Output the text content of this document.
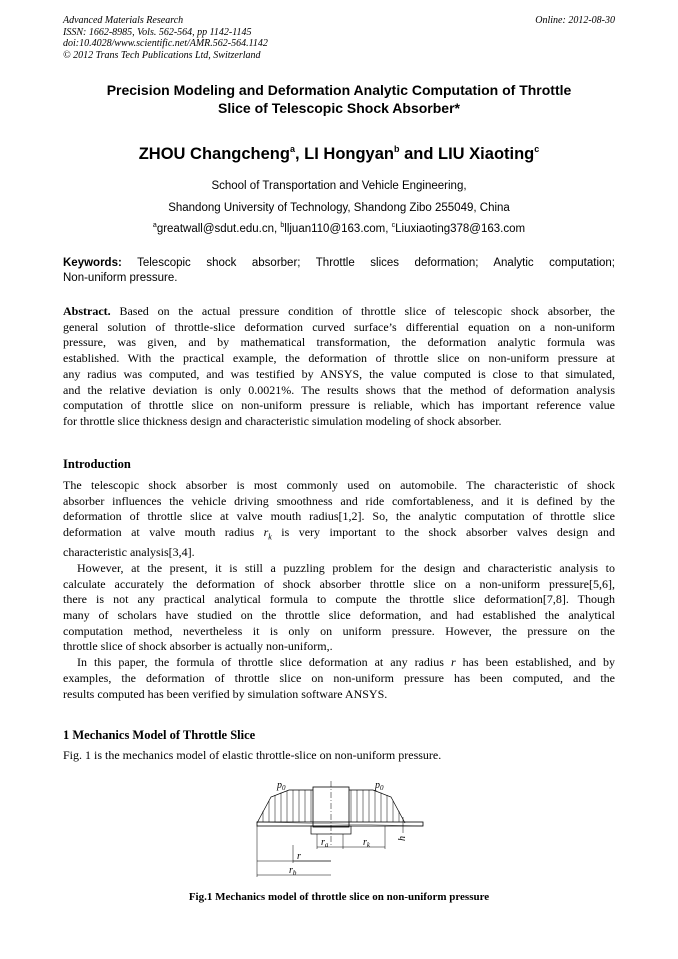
Advanced Materials Research
ISSN: 1662-8985, Vols. 562-564, pp 1142-1145
doi:10.4028/www.scientific.net/AMR.562-564.1142
© 2012 Trans Tech Publications Ltd, Switzerland
Online: 2012-08-30
Precision Modeling and Deformation Analytic Computation of Throttle
Slice of Telescopic Shock Absorber*
ZHOU Changcheng$^a$, LI Hongyan$^b$ and LIU Xiaoting$^c$
School of Transportation and Vehicle Engineering,
Shandong University of Technology, Shandong Zibo 255049, China
$^a$greatwall@sdut.edu.cn, $^b$lljuan110@163.com, $^c$Liuxiaoting378@163.com
Keywords: Telescopic shock absorber; Throttle slices deformation; Analytic computation;
Non-uniform pressure.
Abstract. Based on the actual pressure condition of throttle slice of telescopic shock absorber, the
general solution of throttle-slice deformation curved surface’s differential equation on a non-uniform
pressure, was given, and by mathematical transformation, the deformation analytic formula was
established. With the practical example, the deformation of throttle slice on non-uniform pressure at
any radius was computed, and was testified by ANSYS, the value computed is close to that simulated,
and the relative deviation is only 0.0021%. The results shows that the method of deformation analysis
computation of throttle slice on non-uniform pressure is reliable, which has important reference value
for throttle slice thickness design and characteristic simulation modeling of shock absorber.
Introduction
The telescopic shock absorber is most commonly used on automobile. The characteristic of shock
absorber influences the vehicle driving smoothness and ride comfortableness, and it is defined by the
deformation of throttle slice at valve mouth radius[1,2]. So, the analytic computation of throttle slice
deformation at valve mouth radius $r_k$ is very important to the shock absorber valves design and
characteristic analysis[3,4].
However, at the present, it is still a puzzling problem for the design and characteristic analysis to
calculate accurately the deformation of shock absorber throttle slice on a non-uniform pressure[5,6],
there is not any practical analytical formula to compute the throttle slice deformation[7,8]. Though
many of scholars have studied on the throttle slice deformation, and had established the analytical
computation method, nevertheless it is only on uniform pressure. However, the pressure on the
throttle slice of shock absorber is actually non-uniform,.
In this paper, the formula of throttle slice deformation at any radius r has been established, and by
examples, the deformation of throttle slice on non-uniform pressure has been computed, and the
results computed has been verified by simulation software ANSYS.
1 Mechanics Model of Throttle Slice
Fig. 1 is the mechanics model of elastic throttle-slice on non-uniform pressure.
$p_0$	$p_0$
$r_a$	$r_k$
r
$r_b$
h
Fig.1 Mechanics model of throttle slice on non-uniform pressure
